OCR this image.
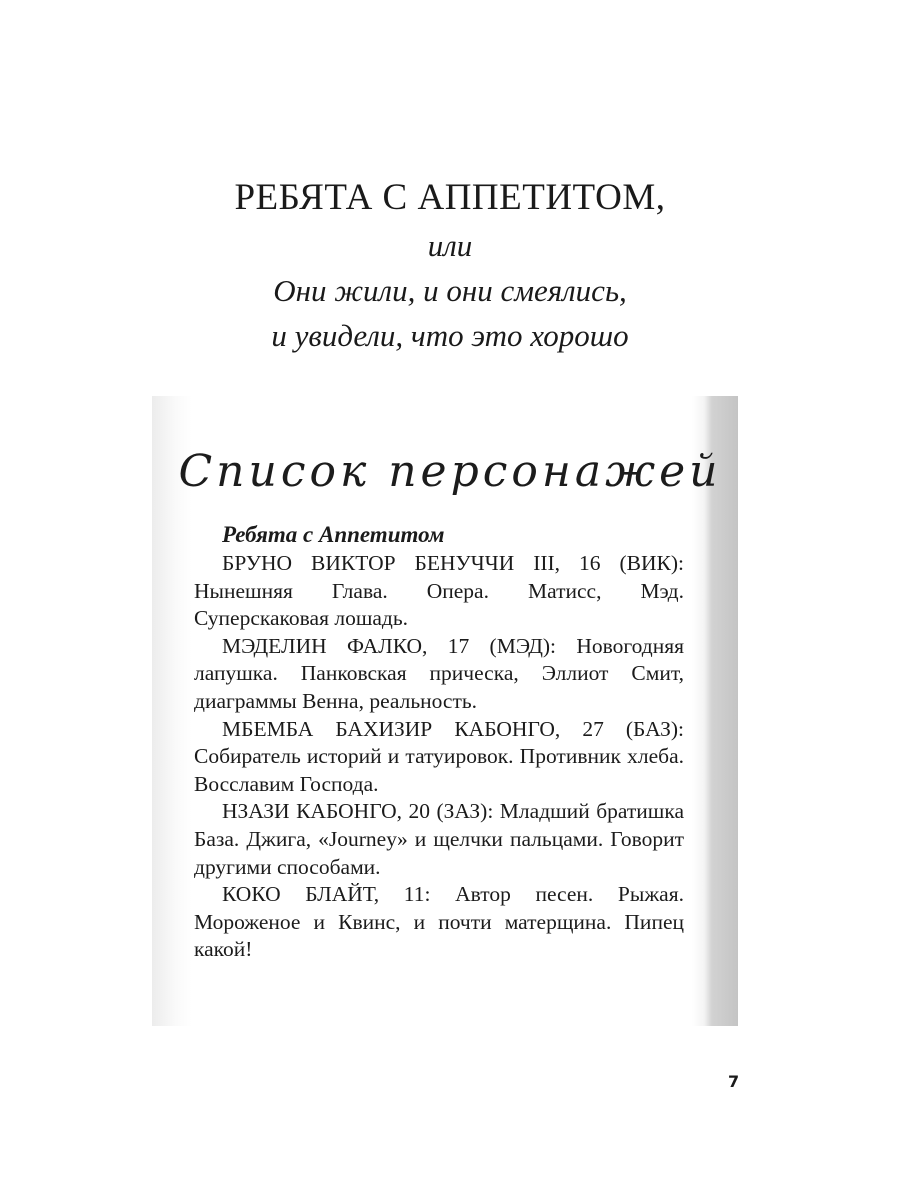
РЕБЯТА С АППЕТИТОМ,

или

Они жили, и они смеялись,

и увидели, что это хорошо

Список персонажей

Ребята с Аппетитом

БРУНО ВИКТОР БЕНУЧЧИ III, 16 (ВИК): Нынешняя Глава. Опера. Матисс, Мэд. Суперскаковая лошадь.

МЭДЕЛИН ФАЛКО, 17 (МЭД): Новогодняя лапушка. Панковская прическа, Эллиот Смит, диаграммы Венна, реальность.

МБЕМБА БАХИЗИР КАБОНГО, 27 (БАЗ): Собиратель историй и татуировок. Противник хлеба. Восславим Господа.

НЗАЗИ КАБОНГО, 20 (ЗАЗ): Младший братишка База. Джига, «Journey» и щелчки пальцами. Говорит другими способами.

КОКО БЛАЙТ, 11: Автор песен. Рыжая. Мороженое и Квинс, и почти матерщина. Пипец какой!

7
